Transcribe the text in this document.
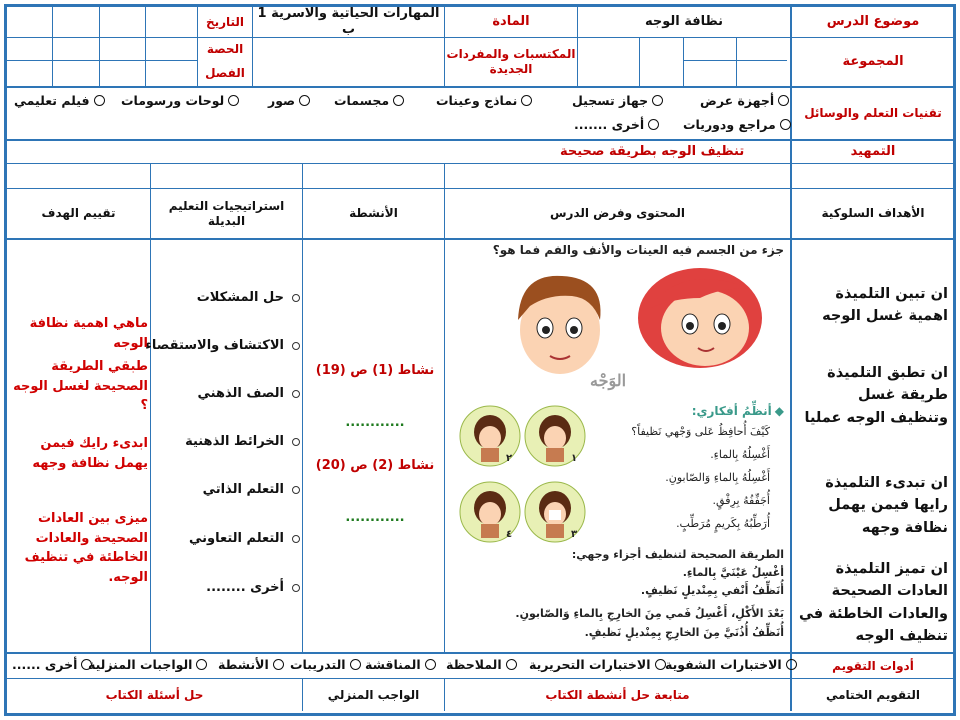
موضوع الدرس
نظافة الوجه
المادة
المهارات الحياتية والاسرية 1 ب
التاريخ
الحصة
الفصل
المجموعة
المكتسبات والمفردات الجديدة
تقنيات التعلم والوسائل
أجهزة عرض
جهاز تسجيل
نماذج وعينات
مجسمات
صور
لوحات ورسومات
فيلم تعليمي
مراجع ودوريات
أخرى .......
التمهيد
تنظيف الوجه بطريقة صحيحة
الأهداف السلوكية
المحتوى وفرض الدرس
الأنشطة
استراتيجيات التعليم البديلة
تقييم الهدف
ان تبين التلميذة اهمية غسل الوجه
ان تطبق التلميذة طريقة غسل وتنظيف الوجه عمليا
ان تبدىء التلميذة رايها فيمن يهمل نظافة وجهه
ان تميز التلميذة العادات الصحيحة والعادات الخاطئة في تنظيف الوجه
جزء من الجسم فيه العينات والأنف والفم فما هو؟
الوَجْه
١
٢
٣
٤
◆أنظِّمُ أفكاري:
كَيْفَ أُحافِظُ عَلى وَجْهي نَظيفاً؟
أَغْسِلُهُ بِالماءِ.
أَغْسِلُهُ بِالماءِ وَالصّابونِ.
أُجَفِّفُهُ بِرِفْقٍ.
أُرَطِّبُهُ بِكَريمٍ مُرَطِّبٍ.
الطريقة الصحيحة لتنظيف أجزاء وجهي:
أغْسِلُ عَيْنَيَّ بِالماءِ.
أُنَظِّفُ أَنْفي بِمِنْديلٍ نَظيفٍ.
بَعْدَ الأَكْلِ، أَغْسِلُ فَمي مِنَ الخارِجِ بِالماءِ وَالصّابونِ.
أُنَظِّفُ أُذُنَيَّ مِنَ الخارِجِ بِمِنْديلٍ نَظيفٍ.
نشاط (1) ص (19)
............
نشاط (2) ص (20)
............
حل المشكلات
الاكتشاف والاستقصاء
الصف الذهني
الخرائط الذهنية
التعلم الذاتي
التعلم التعاوني
أخرى ........
ماهي اهمية نظافة الوجه
طبقي الطريقة الصحيحة لغسل الوجه ؟
ابدىء رايك فيمن يهمل نظافة وجهه
ميزى بين العادات الصحيحة والعادات الخاطئة في تنظيف الوجه.
أدوات التقويم
الاختبارات الشفوية
الاختبارات التحريرية
الملاحظة
المناقشة
التدريبات
الأنشطة
الواجبات المنزلية
أخرى ......
التقويم الختامي
متابعة حل أنشطة الكتاب
الواجب المنزلي
حل أسئلة الكتاب
